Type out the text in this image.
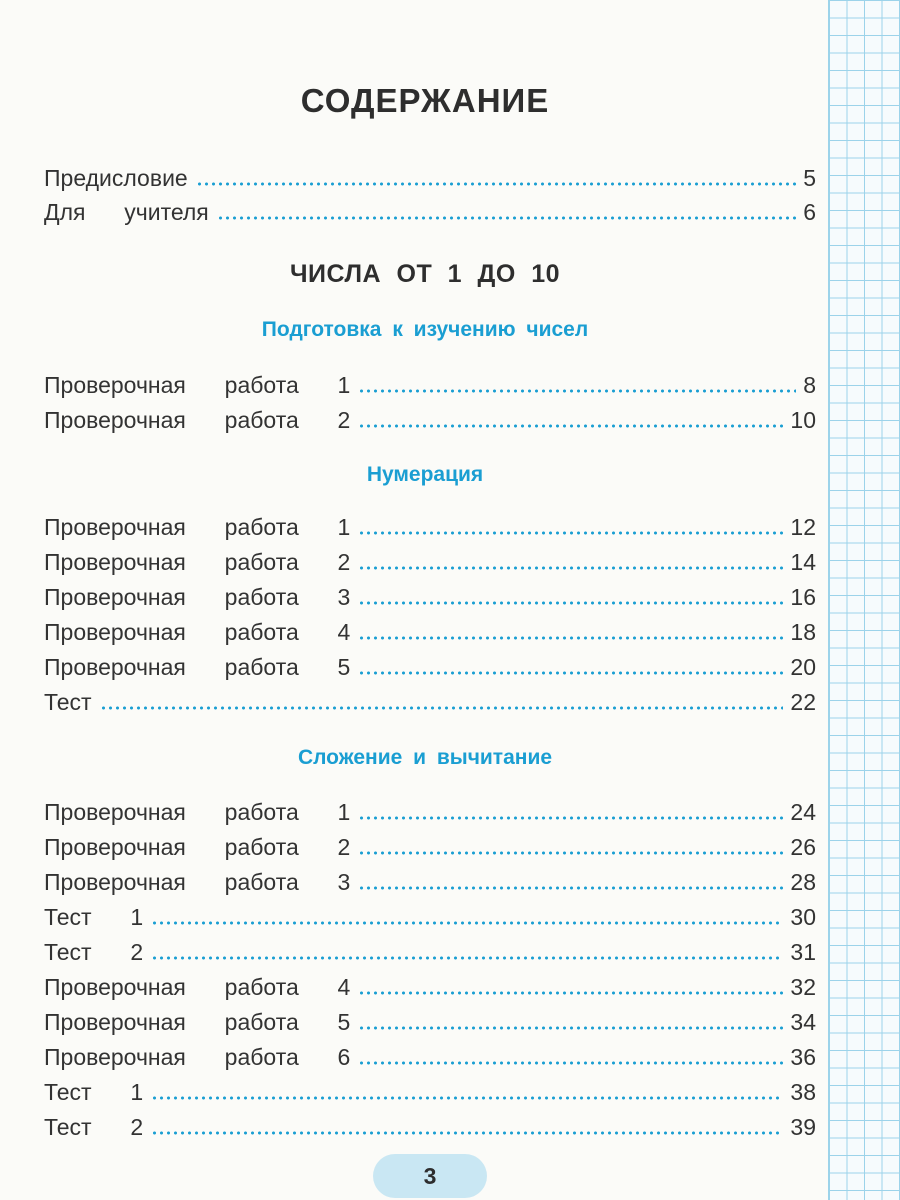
СОДЕРЖАНИЕ
Предисловие	5
Для  учителя	6
ЧИСЛА ОТ 1 ДО 10
Подготовка к изучению чисел
Проверочная  работа  1	8
Проверочная  работа  2	10
Нумерация
Проверочная  работа  1	12
Проверочная  работа  2	14
Проверочная  работа  3	16
Проверочная  работа  4	18
Проверочная  работа  5	20
Тест	22
Сложение и вычитание
Проверочная  работа  1	24
Проверочная  работа  2	26
Проверочная  работа  3	28
Тест  1	30
Тест  2	31
Проверочная  работа  4	32
Проверочная  работа  5	34
Проверочная  работа  6	36
Тест  1	38
Тест  2	39
3
